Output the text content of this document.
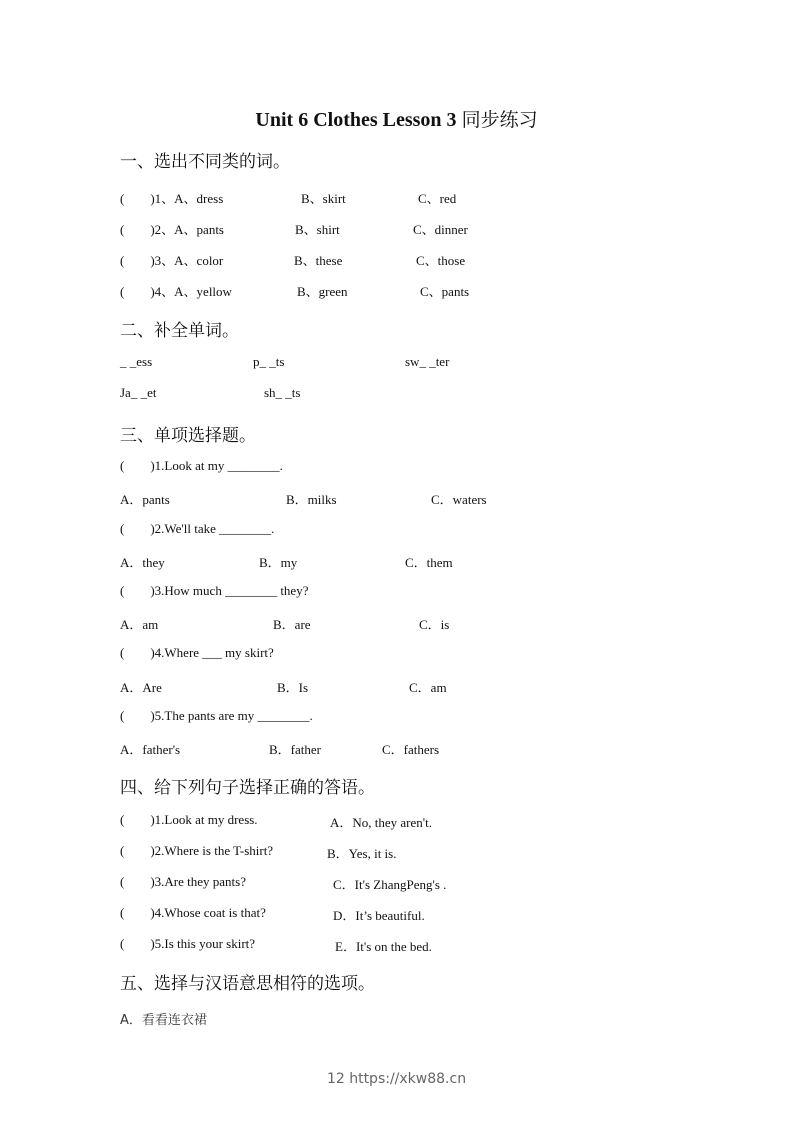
Unit 6 Clothes Lesson 3 同步练习
一、选出不同类的词。
(        )1、A、dress	B、skirt	C、red
(        )2、A、pants	B、shirt	C、dinner
(        )3、A、color	B、these	C、those
(        )4、A、yellow	B、green	C、pants
二、补全单词。
_ _ess	p_ _ts	sw_ _ter
Ja_ _et	sh_ _ts
三、单项选择题。
(        )1.Look at my ________.
A．pants	B．milks	C．waters
(        )2.We'll take ________.
A．they	B．my	C．them
(        )3.How much ________ they?
A．am	B．are	C．is
(        )4.Where ___ my skirt?
A．Are	B．Is	C．am
(        )5.The pants are my ________.
A．father's	B．father	C．fathers
四、给下列句子选择正确的答语。
(        )1.Look at my dress.	A．No, they aren't.
(        )2.Where is the T-shirt?	B．Yes, it is.
(        )3.Are they pants?	C．It's ZhangPeng's .
(        )4.Whose coat is that?	D．It’s beautiful.
(        )5.Is this your skirt?	E．It's on the bed.
五、选择与汉语意思相符的选项。
A．看看连衣裙
12 https://xkw88.cn
